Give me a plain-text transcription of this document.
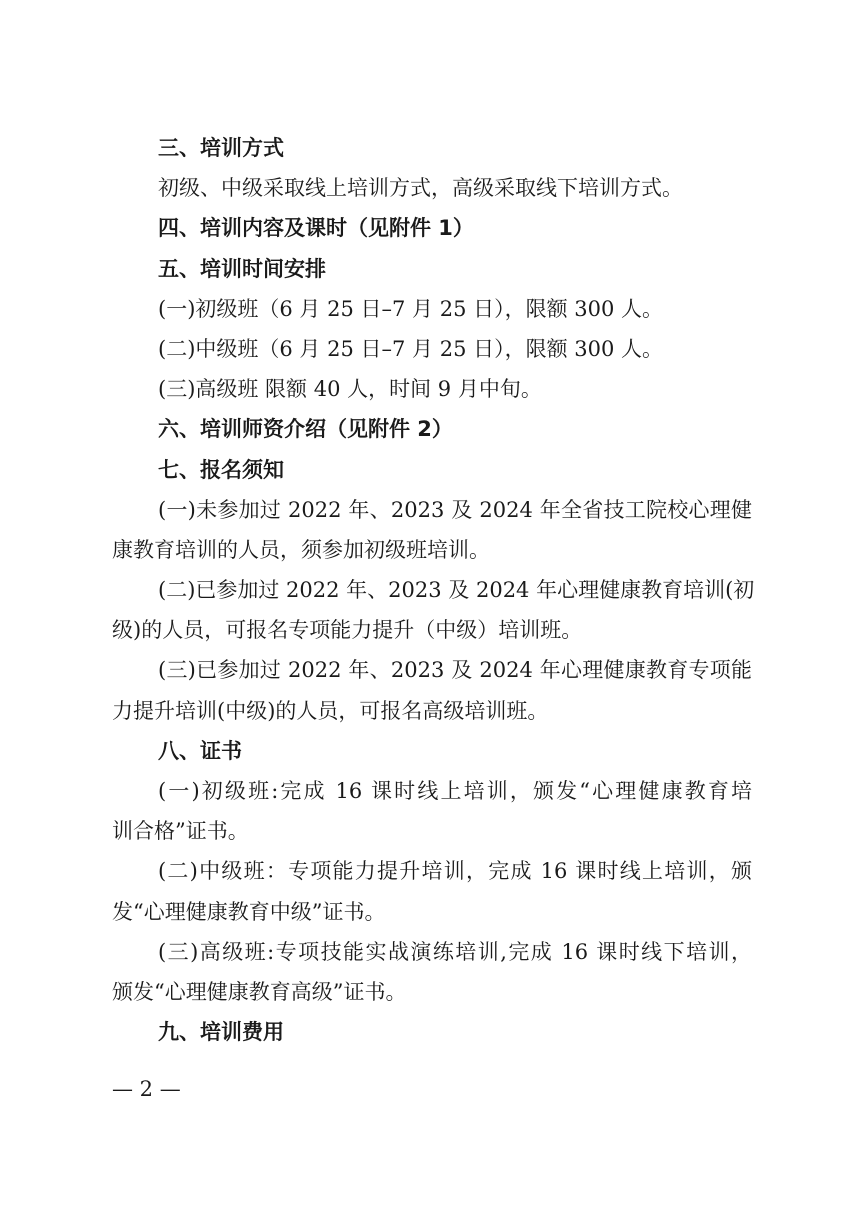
三、培训方式
初级、中级采取线上培训方式，高级采取线下培训方式。
四、培训内容及课时（见附件 1）
五、培训时间安排
(一)初级班（6 月 25 日–7 月 25 日），限额 300 人。
(二)中级班（6 月 25 日–7 月 25 日），限额 300 人。
(三)高级班 限额 40 人，时间 9 月中旬。
六、培训师资介绍（见附件 2）
七、报名须知
(一)未参加过 2022 年、2023 及 2024 年全省技工院校心理健
康教育培训的人员，须参加初级班培训。
(二)已参加过 2022 年、2023 及 2024 年心理健康教育培训(初
级)的人员，可报名专项能力提升（中级）培训班。
(三)已参加过 2022 年、2023 及 2024 年心理健康教育专项能
力提升培训(中级)的人员，可报名高级培训班。
八、证书
(一)初级班:完成 16 课时线上培训，颁发“心理健康教育培
训合格”证书。
(二)中级班：专项能力提升培训，完成 16 课时线上培训，颁
发“心理健康教育中级”证书。
(三)高级班:专项技能实战演练培训,完成 16 课时线下培训，
颁发“心理健康教育高级”证书。
九、培训费用
— 2 —
